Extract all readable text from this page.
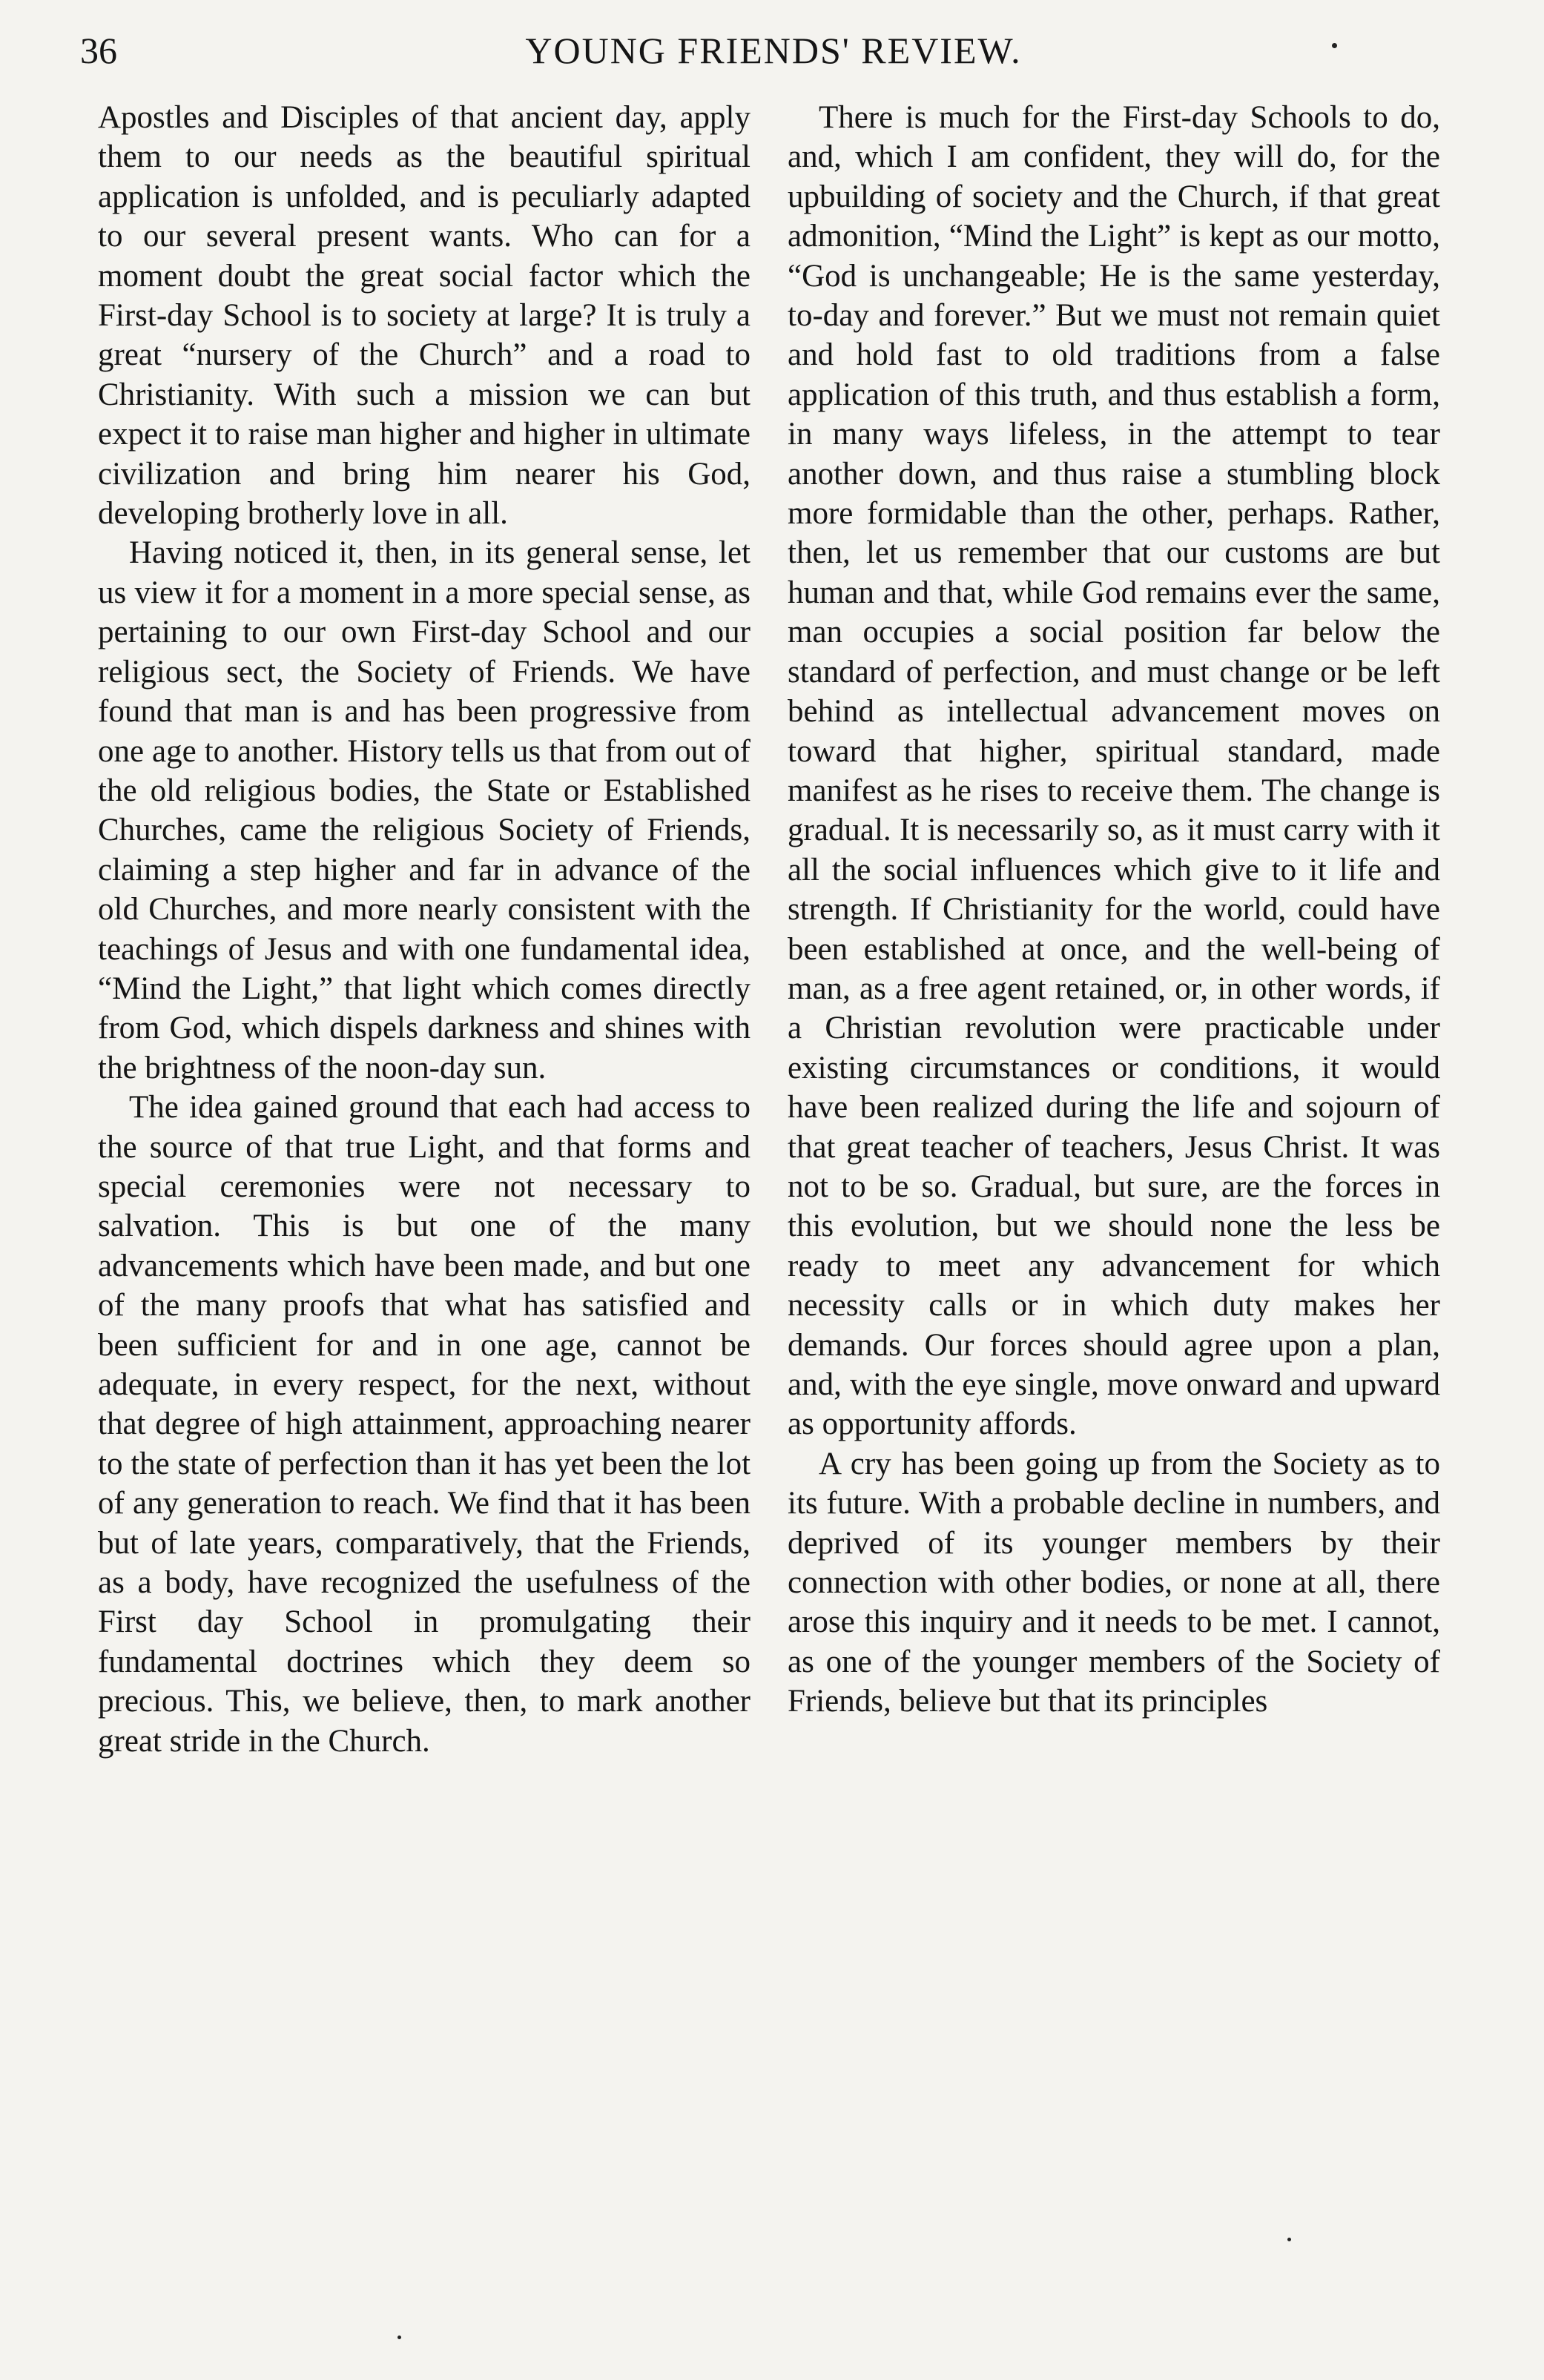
36	YOUNG FRIENDS' REVIEW.

Apostles and Disciples of that ancient day, apply them to our needs as the beautiful spiritual application is unfolded, and is peculiarly adapted to our several present wants. Who can for a moment doubt the great social factor which the First-day School is to society at large? It is truly a great “nursery of the Church” and a road to Christianity. With such a mission we can but expect it to raise man higher and higher in ultimate civilization and bring him nearer his God, developing brotherly love in all.

Having noticed it, then, in its general sense, let us view it for a moment in a more special sense, as pertaining to our own First-day School and our religious sect, the Society of Friends. We have found that man is and has been progressive from one age to another. History tells us that from out of the old religious bodies, the State or Established Churches, came the religious Society of Friends, claiming a step higher and far in advance of the old Churches, and more nearly consistent with the teachings of Jesus and with one fundamental idea, “Mind the Light,” that light which comes directly from God, which dispels darkness and shines with the brightness of the noon-day sun.

The idea gained ground that each had access to the source of that true Light, and that forms and special ceremonies were not necessary to salvation. This is but one of the many advancements which have been made, and but one of the many proofs that what has satisfied and been sufficient for and in one age, cannot be adequate, in every respect, for the next, without that degree of high attainment, approaching nearer to the state of perfection than it has yet been the lot of any generation to reach. We find that it has been but of late years, comparatively, that the Friends, as a body, have recognized the usefulness of the First day School in promulgating their fundamental doctrines which they deem so precious. This, we believe, then, to mark another great stride in the Church.

There is much for the First-day Schools to do, and, which I am confident, they will do, for the upbuilding of society and the Church, if that great admonition, “Mind the Light” is kept as our motto, “God is unchangeable; He is the same yesterday, to-day and forever.” But we must not remain quiet and hold fast to old traditions from a false application of this truth, and thus establish a form, in many ways lifeless, in the attempt to tear another down, and thus raise a stumbling block more formidable than the other, perhaps. Rather, then, let us remember that our customs are but human and that, while God remains ever the same, man occupies a social position far below the standard of perfection, and must change or be left behind as intellectual advancement moves on toward that higher, spiritual standard, made manifest as he rises to receive them. The change is gradual. It is necessarily so, as it must carry with it all the social influences which give to it life and strength. If Christianity for the world, could have been established at once, and the well-being of man, as a free agent retained, or, in other words, if a Christian revolution were practicable under existing circumstances or conditions, it would have been realized during the life and sojourn of that great teacher of teachers, Jesus Christ. It was not to be so. Gradual, but sure, are the forces in this evolution, but we should none the less be ready to meet any advancement for which necessity calls or in which duty makes her demands. Our forces should agree upon a plan, and, with the eye single, move onward and upward as opportunity affords.

A cry has been going up from the Society as to its future. With a probable decline in numbers, and deprived of its younger members by their connection with other bodies, or none at all, there arose this inquiry and it needs to be met. I cannot, as one of the younger members of the Society of Friends, believe but that its principles
